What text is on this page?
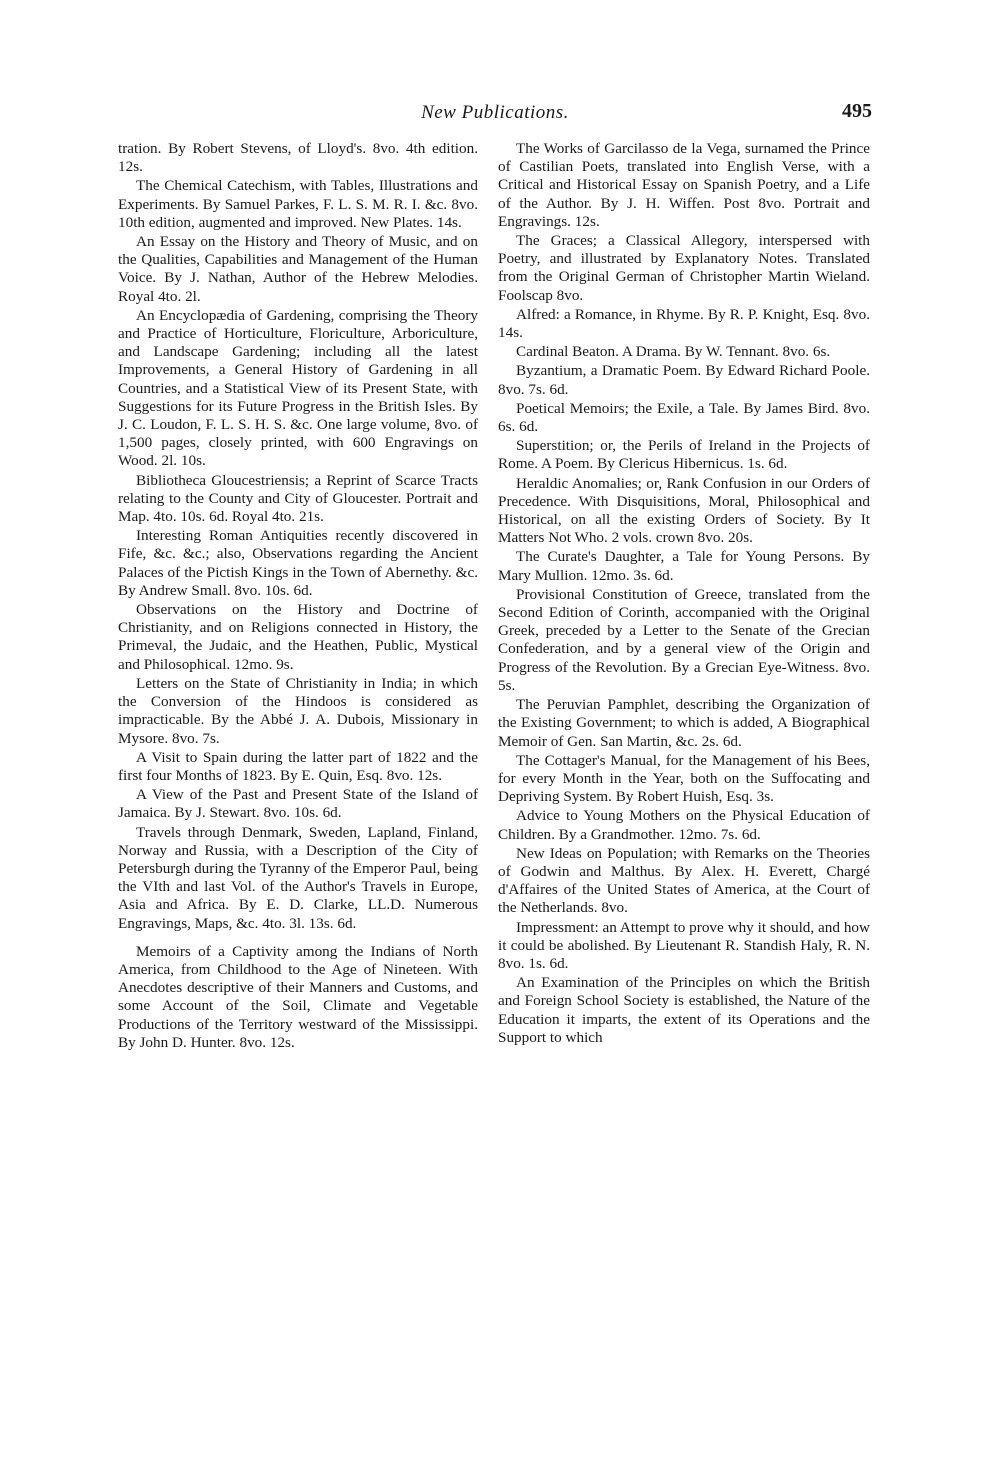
New Publications.	495

tration. By Robert Stevens, of Lloyd's. 8vo. 4th edition. 12s.

The Chemical Catechism, with Tables, Illustrations and Experiments. By Samuel Parkes, F. L. S. M. R. I. &c. 8vo. 10th edition, augmented and improved. New Plates. 14s.

An Essay on the History and Theory of Music, and on the Qualities, Capabilities and Management of the Human Voice. By J. Nathan, Author of the Hebrew Melodies. Royal 4to. 2l.

An Encyclopædia of Gardening, comprising the Theory and Practice of Horticulture, Floriculture, Arboriculture, and Landscape Gardening; including all the latest Improvements, a General History of Gardening in all Countries, and a Statistical View of its Present State, with Suggestions for its Future Progress in the British Isles. By J. C. Loudon, F. L. S. H. S. &c. One large volume, 8vo. of 1,500 pages, closely printed, with 600 Engravings on Wood. 2l. 10s.

Bibliotheca Gloucestriensis; a Reprint of Scarce Tracts relating to the County and City of Gloucester. Portrait and Map. 4to. 10s. 6d. Royal 4to. 21s.

Interesting Roman Antiquities recently discovered in Fife, &c. &c.; also, Observations regarding the Ancient Palaces of the Pictish Kings in the Town of Abernethy. &c. By Andrew Small. 8vo. 10s. 6d.

Observations on the History and Doctrine of Christianity, and on Religions connected in History, the Primeval, the Judaic, and the Heathen, Public, Mystical and Philosophical. 12mo. 9s.

Letters on the State of Christianity in India; in which the Conversion of the Hindoos is considered as impracticable. By the Abbé J. A. Dubois, Missionary in Mysore. 8vo. 7s.

A Visit to Spain during the latter part of 1822 and the first four Months of 1823. By E. Quin, Esq. 8vo. 12s.

A View of the Past and Present State of the Island of Jamaica. By J. Stewart. 8vo. 10s. 6d.

Travels through Denmark, Sweden, Lapland, Finland, Norway and Russia, with a Description of the City of Petersburgh during the Tyranny of the Emperor Paul, being the VIth and last Vol. of the Author's Travels in Europe, Asia and Africa. By E. D. Clarke, LL.D. Numerous Engravings, Maps, &c. 4to. 3l. 13s. 6d.

Memoirs of a Captivity among the Indians of North America, from Childhood to the Age of Nineteen. With Anecdotes descriptive of their Manners and Customs, and some Account of the Soil, Climate and Vegetable Productions of the Territory westward of the Mississippi. By John D. Hunter. 8vo. 12s.

The Works of Garcilasso de la Vega, surnamed the Prince of Castilian Poets, translated into English Verse, with a Critical and Historical Essay on Spanish Poetry, and a Life of the Author. By J. H. Wiffen. Post 8vo. Portrait and Engravings. 12s.

The Graces; a Classical Allegory, interspersed with Poetry, and illustrated by Explanatory Notes. Translated from the Original German of Christopher Martin Wieland. Foolscap 8vo.

Alfred: a Romance, in Rhyme. By R. P. Knight, Esq. 8vo. 14s.

Cardinal Beaton. A Drama. By W. Tennant. 8vo. 6s.

Byzantium, a Dramatic Poem. By Edward Richard Poole. 8vo. 7s. 6d.

Poetical Memoirs; the Exile, a Tale. By James Bird. 8vo. 6s. 6d.

Superstition; or, the Perils of Ireland in the Projects of Rome. A Poem. By Clericus Hibernicus. 1s. 6d.

Heraldic Anomalies; or, Rank Confusion in our Orders of Precedence. With Disquisitions, Moral, Philosophical and Historical, on all the existing Orders of Society. By It Matters Not Who. 2 vols. crown 8vo. 20s.

The Curate's Daughter, a Tale for Young Persons. By Mary Mullion. 12mo. 3s. 6d.

Provisional Constitution of Greece, translated from the Second Edition of Corinth, accompanied with the Original Greek, preceded by a Letter to the Senate of the Grecian Confederation, and by a general view of the Origin and Progress of the Revolution. By a Grecian Eye-Witness. 8vo. 5s.

The Peruvian Pamphlet, describing the Organization of the Existing Government; to which is added, A Biographical Memoir of Gen. San Martin, &c. 2s. 6d.

The Cottager's Manual, for the Management of his Bees, for every Month in the Year, both on the Suffocating and Depriving System. By Robert Huish, Esq. 3s.

Advice to Young Mothers on the Physical Education of Children. By a Grandmother. 12mo. 7s. 6d.

New Ideas on Population; with Remarks on the Theories of Godwin and Malthus. By Alex. H. Everett, Chargé d'Affaires of the United States of America, at the Court of the Netherlands. 8vo.

Impressment: an Attempt to prove why it should, and how it could be abolished. By Lieutenant R. Standish Haly, R. N. 8vo. 1s. 6d.

An Examination of the Principles on which the British and Foreign School Society is established, the Nature of the Education it imparts, the extent of its Operations and the Support to which
